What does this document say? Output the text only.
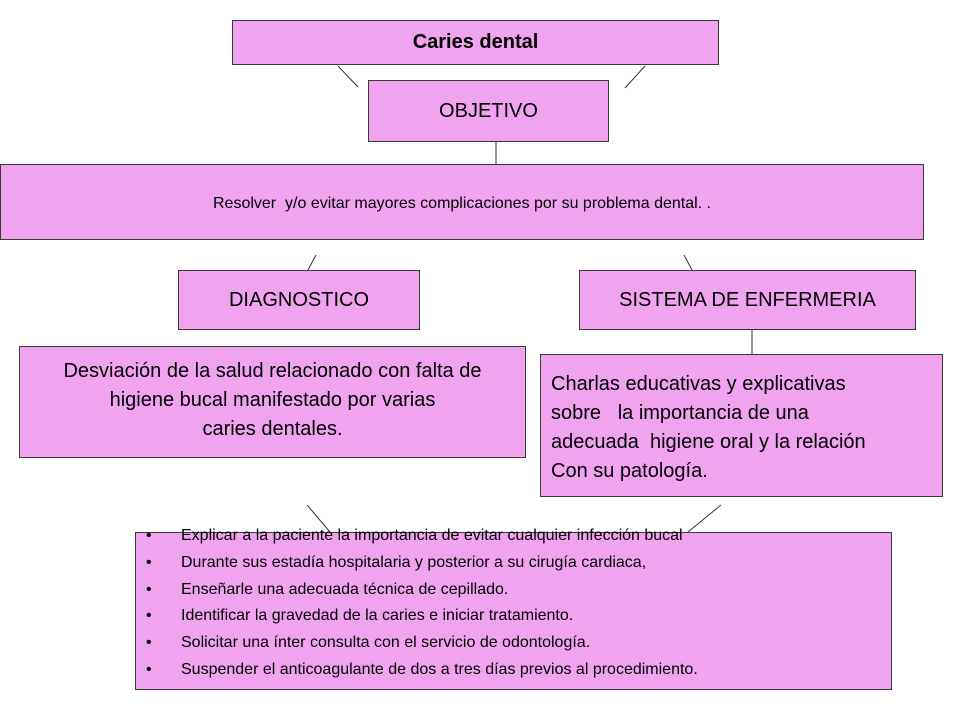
Caries dental
OBJETIVO
Resolver  y/o evitar mayores complicaciones por su problema dental. .
DIAGNOSTICO	SISTEMA DE ENFERMERIA
Desviación de la salud relacionado con falta de
higiene bucal manifestado por varias
caries dentales.
Charlas educativas y explicativas
sobre   la importancia de una
adecuada  higiene oral y la relación
Con su patología.
• Explicar a la paciente la importancia de evitar cualquier infección bucal
• Durante sus estadía hospitalaria y posterior a su cirugía cardiaca,
• Enseñarle una adecuada técnica de cepillado.
• Identificar la gravedad de la caries e iniciar tratamiento.
• Solicitar una ínter consulta con el servicio de odontología.
• Suspender el anticoagulante de dos a tres días previos al procedimiento.
